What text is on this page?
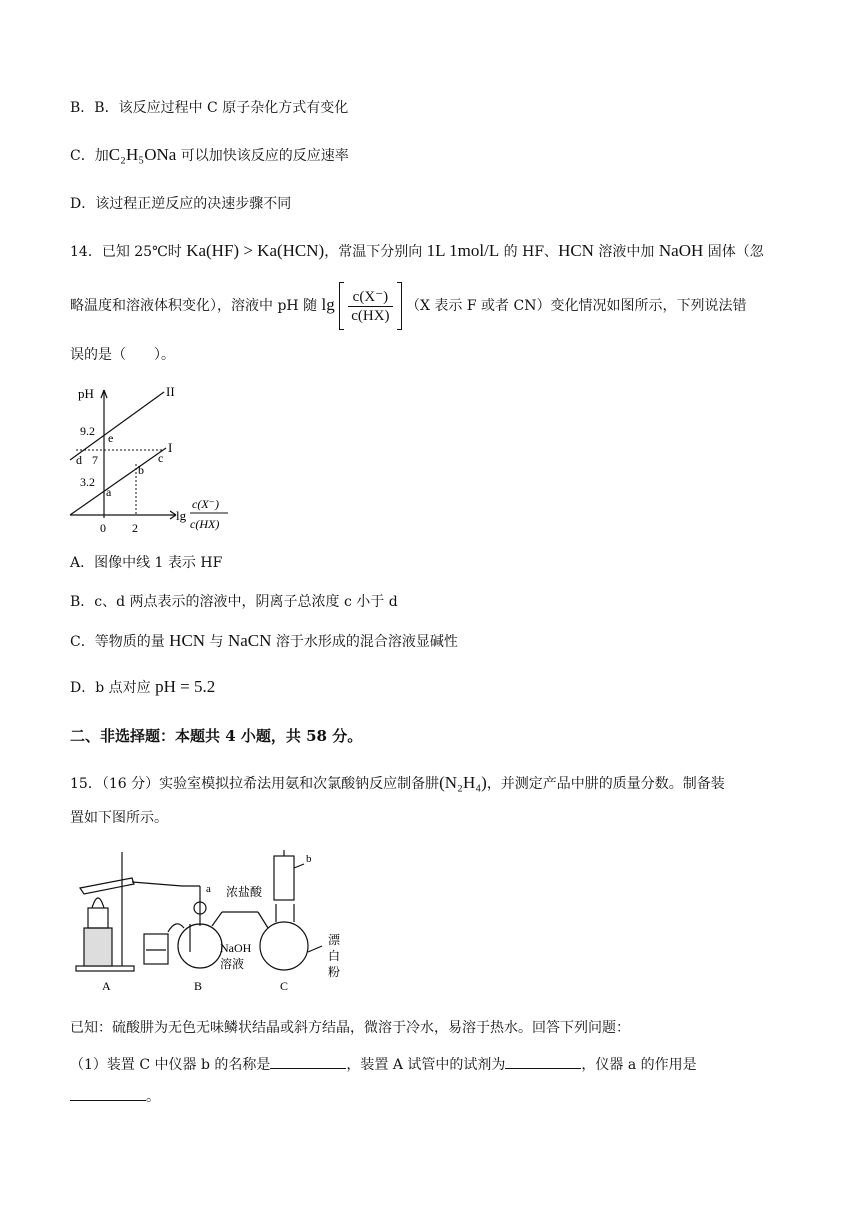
B．B．该反应过程中 C 原子杂化方式有变化
C．加C₂H₅ONa 可以加快该反应的反应速率
D．该过程正逆反应的决速步骤不同
14．已知 25℃时 Ka(HF) > Ka(HCN)，常温下分别向 1L 1mol/L 的 HF、HCN 溶液中加 NaOH 固体（忽
略温度和溶液体积变化），溶液中 pH 随 $\lg \frac{c(X^-)}{c(HX)} (X$ 表示 F 或者 CN）变化情况如图所示，下列说法错
误的是（　　）。
pH	II
I
9.2
7
3.2
e
d	c
b
a
0 2
lg
c(X⁻)
c(HX)
A．图像中线 1 表示 HF
B．c、d 两点表示的溶液中，阴离子总浓度 c 小于 d
C．等物质的量 HCN 与 NaCN 溶于水形成的混合溶液显碱性
D．b 点对应 pH = 5.2
二、非选择题：本题共 4 小题，共 58 分。
15．（16 分）实验室模拟拉希法用氨和次氯酸钠反应制备肼(N₂H₄)，并测定产品中肼的质量分数。制备装
置如下图所示。
A	B	C
NaOH
溶液
浓盐酸
a
b
漂
白
粉
已知：硫酸肼为无色无味鳞状结晶或斜方结晶，微溶于冷水，易溶于热水。回答下列问题：
（1）装置 C 中仪器 b 的名称是	，装置 A 试管中的试剂为	，仪器 a 的作用是
。
